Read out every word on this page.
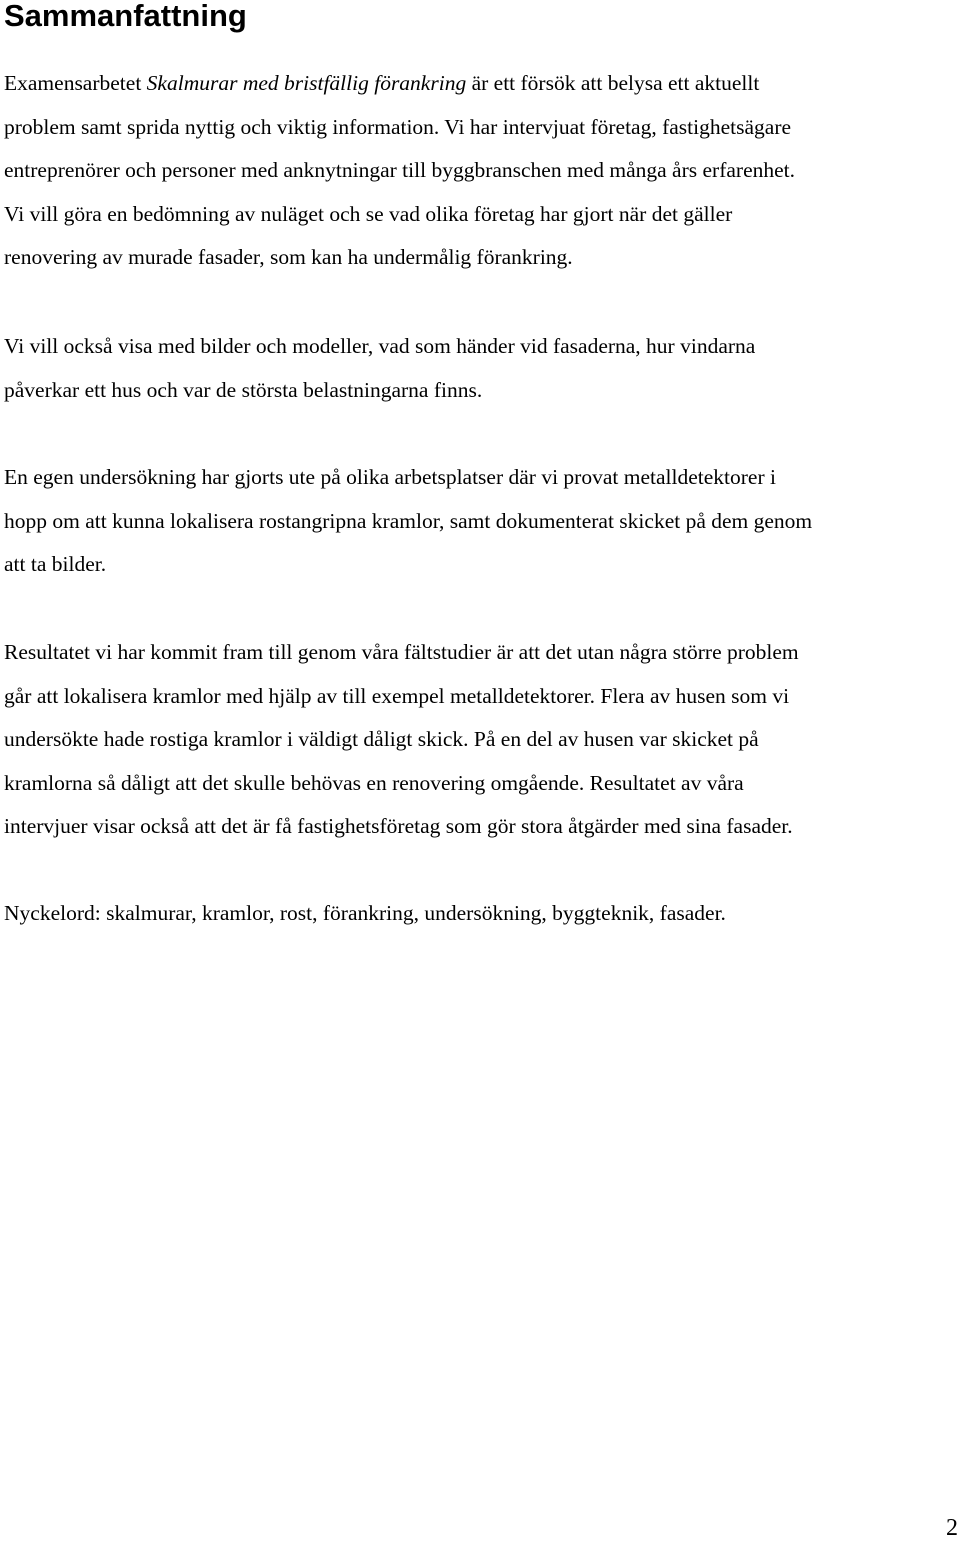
Sammanfattning

Examensarbetet Skalmurar med bristfällig förankring är ett försök att belysa ett aktuellt
problem samt sprida nyttig och viktig information. Vi har intervjuat företag, fastighetsägare
entreprenörer och personer med anknytningar till byggbranschen med många års erfarenhet.
Vi vill göra en bedömning av nuläget och se vad olika företag har gjort när det gäller
renovering av murade fasader, som kan ha undermålig förankring.

Vi vill också visa med bilder och modeller, vad som händer vid fasaderna, hur vindarna
påverkar ett hus och var de största belastningarna finns.

En egen undersökning har gjorts ute på olika arbetsplatser där vi provat metalldetektorer i
hopp om att kunna lokalisera rostangripna kramlor, samt dokumenterat skicket på dem genom
att ta bilder.

Resultatet vi har kommit fram till genom våra fältstudier är att det utan några större problem
går att lokalisera kramlor med hjälp av till exempel metalldetektorer. Flera av husen som vi
undersökte hade rostiga kramlor i väldigt dåligt skick. På en del av husen var skicket på
kramlorna så dåligt att det skulle behövas en renovering omgående. Resultatet av våra
intervjuer visar också att det är få fastighetsföretag som gör stora åtgärder med sina fasader.

Nyckelord: skalmurar, kramlor, rost, förankring, undersökning, byggteknik, fasader.

2
